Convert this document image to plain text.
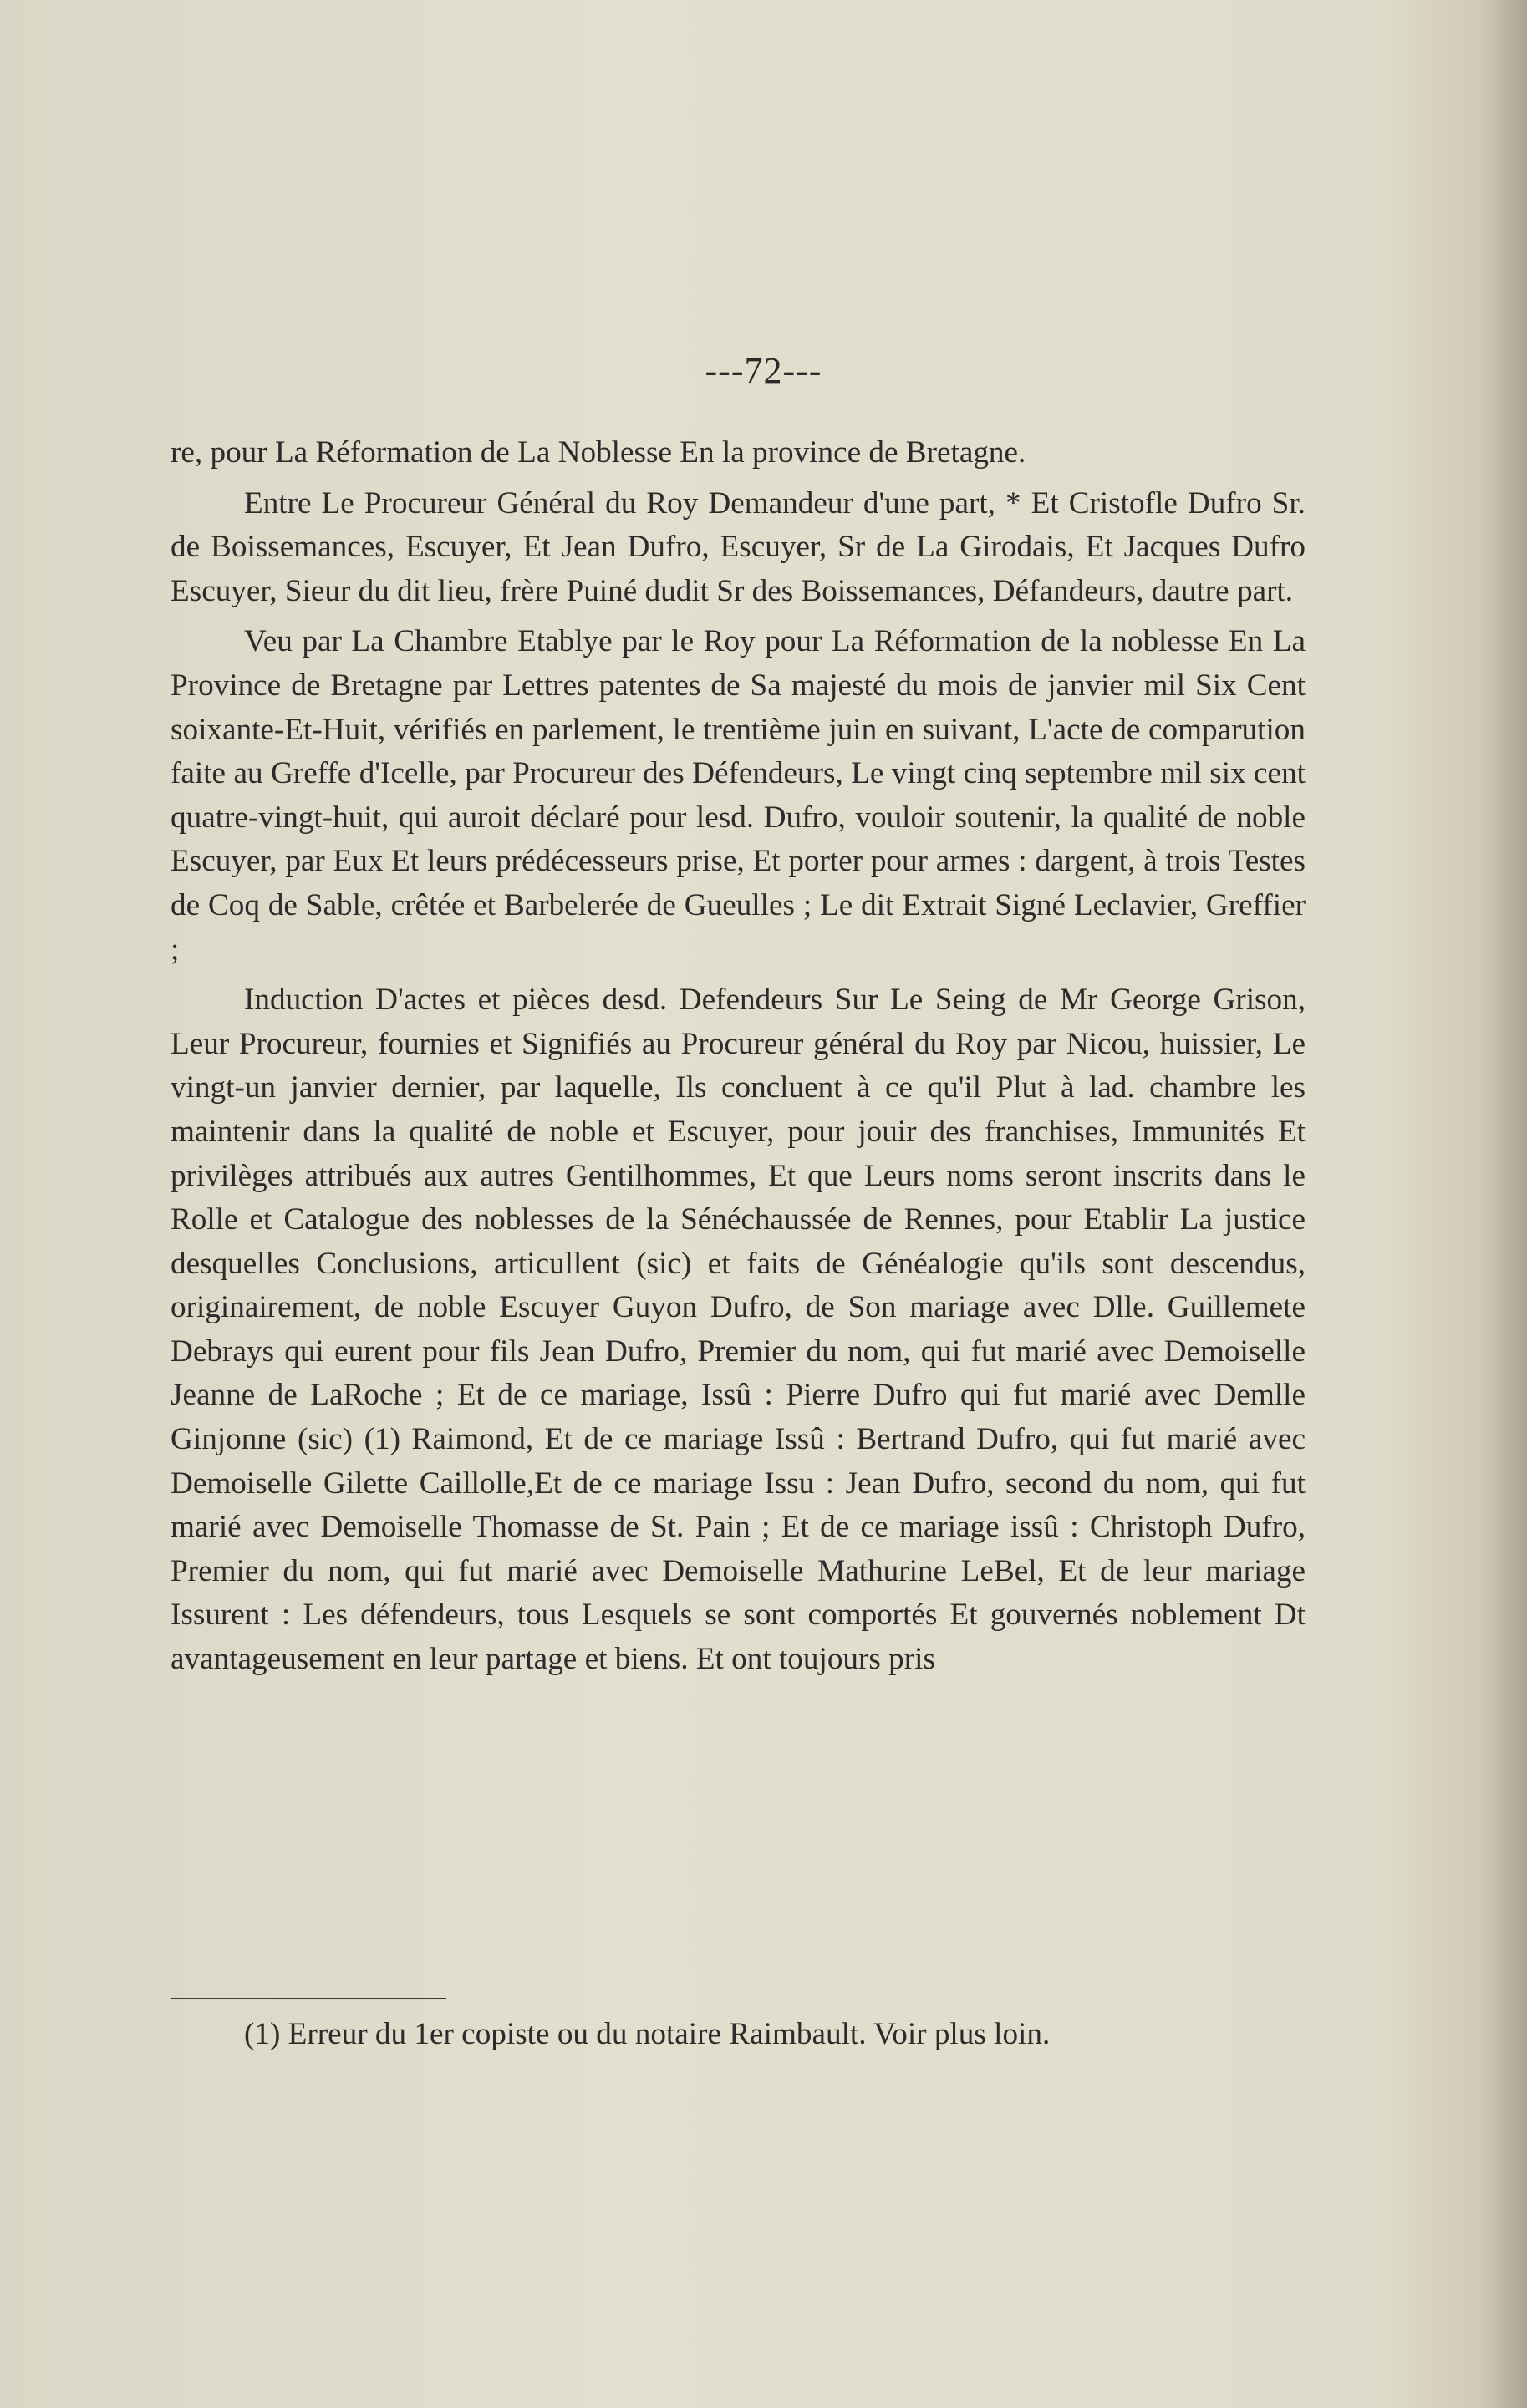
---72---

re, pour La Réformation de La Noblesse En la province de Bretagne.

Entre Le Procureur Général du Roy Demandeur d'une part, * Et Cristofle Dufro Sr. de Boissemances, Escuyer, Et Jean Dufro, Escuyer, Sr de La Girodais, Et Jacques Dufro Escuyer, Sieur du dit lieu, frère Puiné dudit Sr des Boissemances, Défandeurs, dautre part.

Veu par La Chambre Etablye par le Roy pour La Réformation de la noblesse En La Province de Bretagne par Lettres patentes de Sa majesté du mois de janvier mil Six Cent soixante-Et-Huit, vérifiés en parlement, le trentième juin en suivant, L'acte de comparution faite au Greffe d'Icelle, par Procureur des Défendeurs, Le vingt cinq septembre mil six cent quatre-vingt-huit, qui auroit déclaré pour lesd. Dufro, vouloir soutenir, la qualité de noble Escuyer, par Eux Et leurs prédécesseurs prise, Et porter pour armes : dargent, à trois Testes de Coq de Sable, crêtée et Barbelerée de Gueulles ; Le dit Extrait Signé Leclavier, Greffier ;

Induction D'actes et pièces desd. Defendeurs Sur Le Seing de Mr George Grison, Leur Procureur, fournies et Signifiés au Procureur général du Roy par Nicou, huissier, Le vingt-un janvier dernier, par laquelle, Ils concluent à ce qu'il Plut à lad. chambre les maintenir dans la qualité de noble et Escuyer, pour jouir des franchises, Immunités Et privilèges attribués aux autres Gentilhommes, Et que Leurs noms seront inscrits dans le Rolle et Catalogue des noblesses de la Sénéchaussée de Rennes, pour Etablir La justice desquelles Conclusions, articullent (sic) et faits de Généalogie qu'ils sont descendus, originairement, de noble Escuyer Guyon Dufro, de Son mariage avec Dlle. Guillemete Debrays qui eurent pour fils Jean Dufro, Premier du nom, qui fut marié avec Demoiselle Jeanne de LaRoche ; Et de ce mariage, Issû : Pierre Dufro qui fut marié avec Demlle Ginjonne (sic) (1) Raimond, Et de ce mariage Issû : Bertrand Dufro, qui fut marié avec Demoiselle Gilette Caillolle,Et de ce mariage Issu : Jean Dufro, second du nom, qui fut marié avec Demoiselle Thomasse de St. Pain ; Et de ce mariage issû : Christoph Dufro, Premier du nom, qui fut marié avec Demoiselle Mathurine LeBel, Et de leur mariage Issurent : Les défendeurs, tous Lesquels se sont comportés Et gouvernés noblement Dt avantageusement en leur partage et biens. Et ont toujours pris

(1) Erreur du 1er copiste ou du notaire Raimbault. Voir plus loin.
